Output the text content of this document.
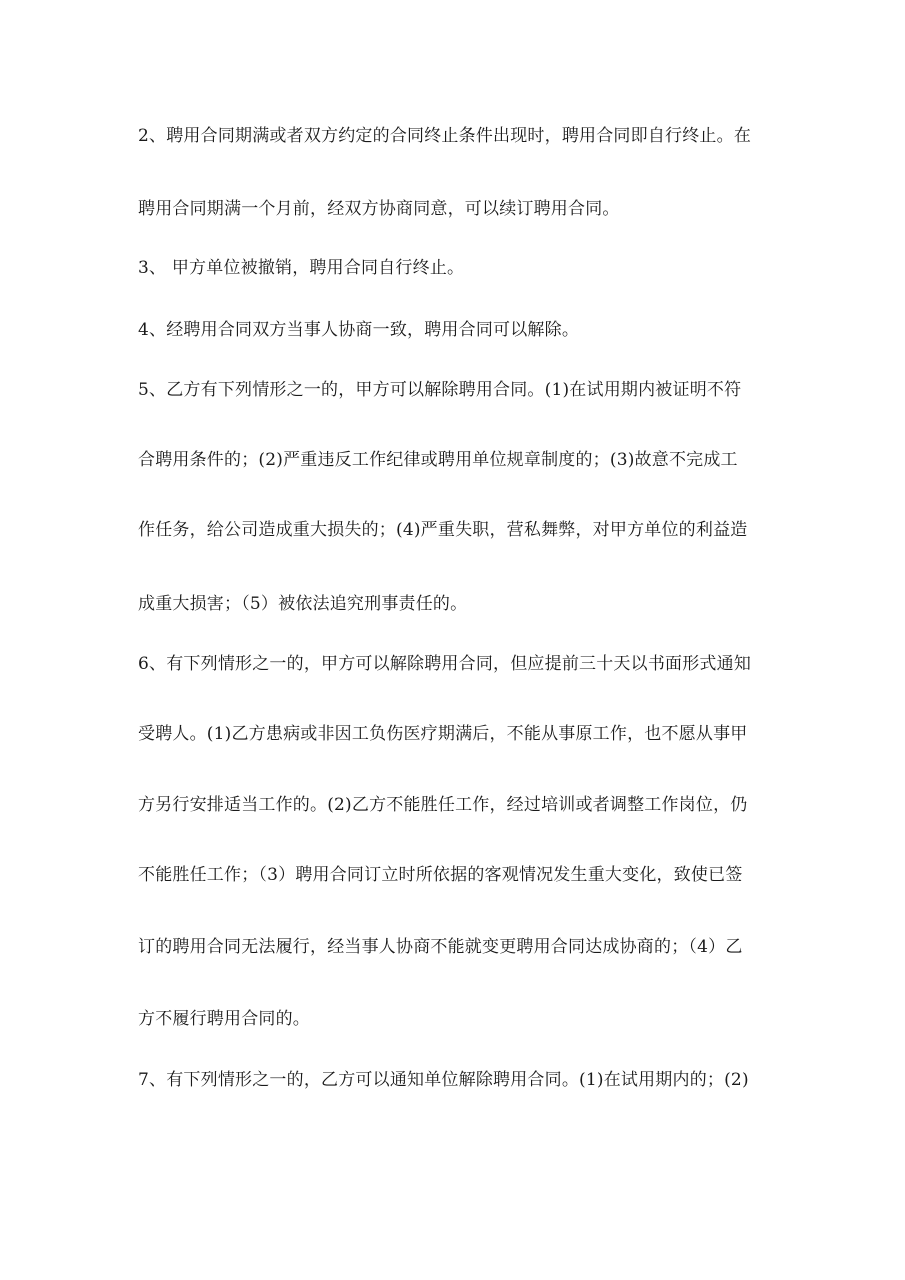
2、聘用合同期满或者双方约定的合同终止条件出现时，聘用合同即自行终止。在
聘用合同期满一个月前，经双方协商同意，可以续订聘用合同。
3、 甲方单位被撤销，聘用合同自行终止。
4、经聘用合同双方当事人协商一致，聘用合同可以解除。
5、乙方有下列情形之一的，甲方可以解除聘用合同。(1)在试用期内被证明不符
合聘用条件的；(2)严重违反工作纪律或聘用单位规章制度的；(3)故意不完成工
作任务，给公司造成重大损失的；(4)严重失职，营私舞弊，对甲方单位的利益造
成重大损害；（5）被依法追究刑事责任的。
6、有下列情形之一的，甲方可以解除聘用合同，但应提前三十天以书面形式通知
受聘人。(1)乙方患病或非因工负伤医疗期满后，不能从事原工作，也不愿从事甲
方另行安排适当工作的。(2)乙方不能胜任工作，经过培训或者调整工作岗位，仍
不能胜任工作；（3）聘用合同订立时所依据的客观情况发生重大变化，致使已签
订的聘用合同无法履行，经当事人协商不能就变更聘用合同达成协商的；（4）乙
方不履行聘用合同的。
7、有下列情形之一的，乙方可以通知单位解除聘用合同。(1)在试用期内的；(2)
